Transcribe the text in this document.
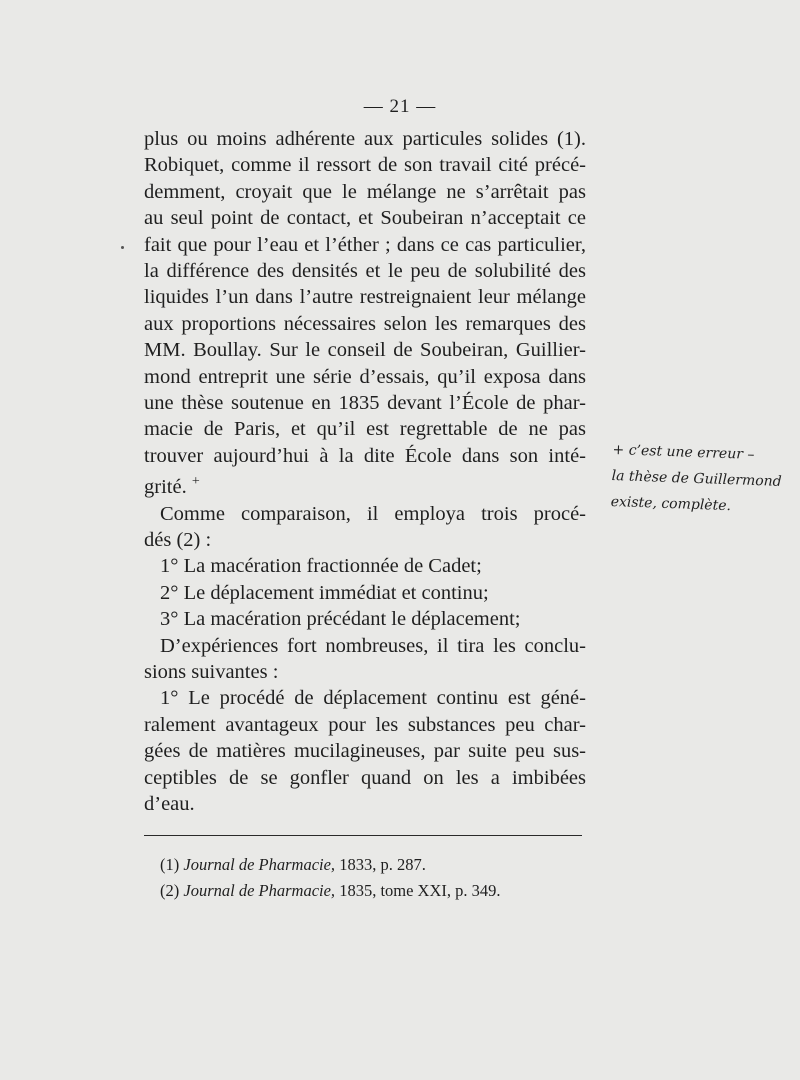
— 21 —
plus ou moins adhérente aux particules solides (1).
Robiquet, comme il ressort de son travail cité précé-
demment, croyait que le mélange ne s’arrêtait pas
au seul point de contact, et Soubeiran n’acceptait ce
fait que pour l’eau et l’éther ; dans ce cas particulier,
la différence des densités et le peu de solubilité des
liquides l’un dans l’autre restreignaient leur mélange
aux proportions nécessaires selon les remarques des
MM. Boullay. Sur le conseil de Soubeiran, Guillier-
mond entreprit une série d’essais, qu’il exposa dans
une thèse soutenue en 1835 devant l’École de phar-
macie de Paris, et qu’il est regrettable de ne pas
trouver aujourd’hui à la dite École dans son inté-
grité. +
Comme comparaison, il employa trois procé-
dés (2) :
1° La macération fractionnée de Cadet;
2° Le déplacement immédiat et continu;
3° La macération précédant le déplacement;
D’expériences fort nombreuses, il tira les conclu-
sions suivantes :
1° Le procédé de déplacement continu est géné-
ralement avantageux pour les substances peu char-
gées de matières mucilagineuses, par suite peu sus-
ceptibles de se gonfler quand on les a imbibées
d’eau.
(1) Journal de Pharmacie, 1833, p. 287.
(2) Journal de Pharmacie, 1835, tome XXI, p. 349.
+ c’est une erreur –
la thèse de Guillermond
existe, complète.
